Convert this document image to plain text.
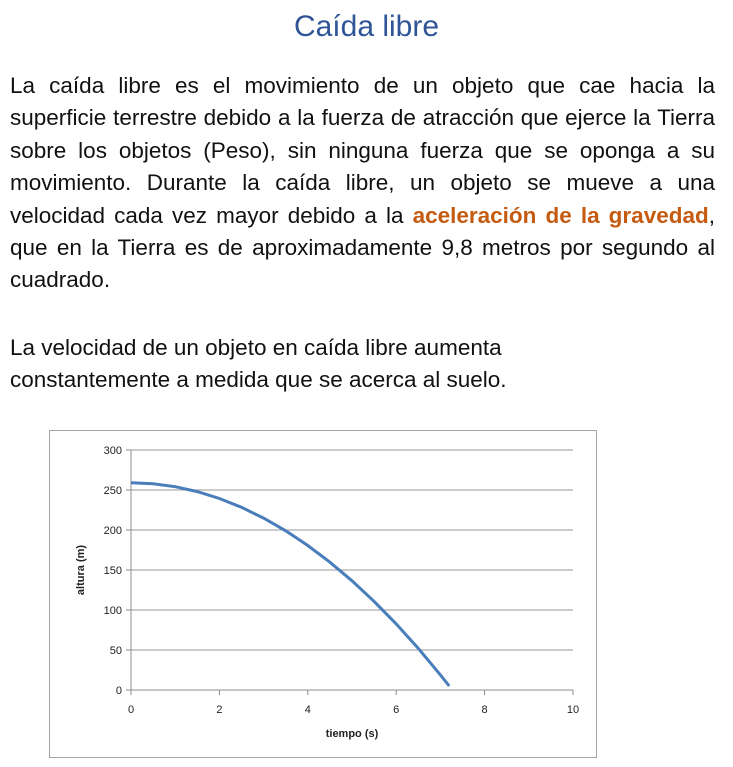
Caída libre
La caída libre es el movimiento de un objeto que cae hacia la superficie terrestre debido a la fuerza de atracción que ejerce la Tierra sobre los objetos (Peso), sin ninguna fuerza que se oponga a su movimiento. Durante la caída libre, un objeto se mueve a una velocidad cada vez mayor debido a la aceleración de la gravedad, que en la Tierra es de aproximadamente 9,8 metros por segundo al cuadrado.
La velocidad de un objeto en caída libre aumenta constantemente a medida que se acerca al suelo.
0
50
100
150
200
250
300
0	2	4	6	8	10
tiempo (s)
altura (m)
